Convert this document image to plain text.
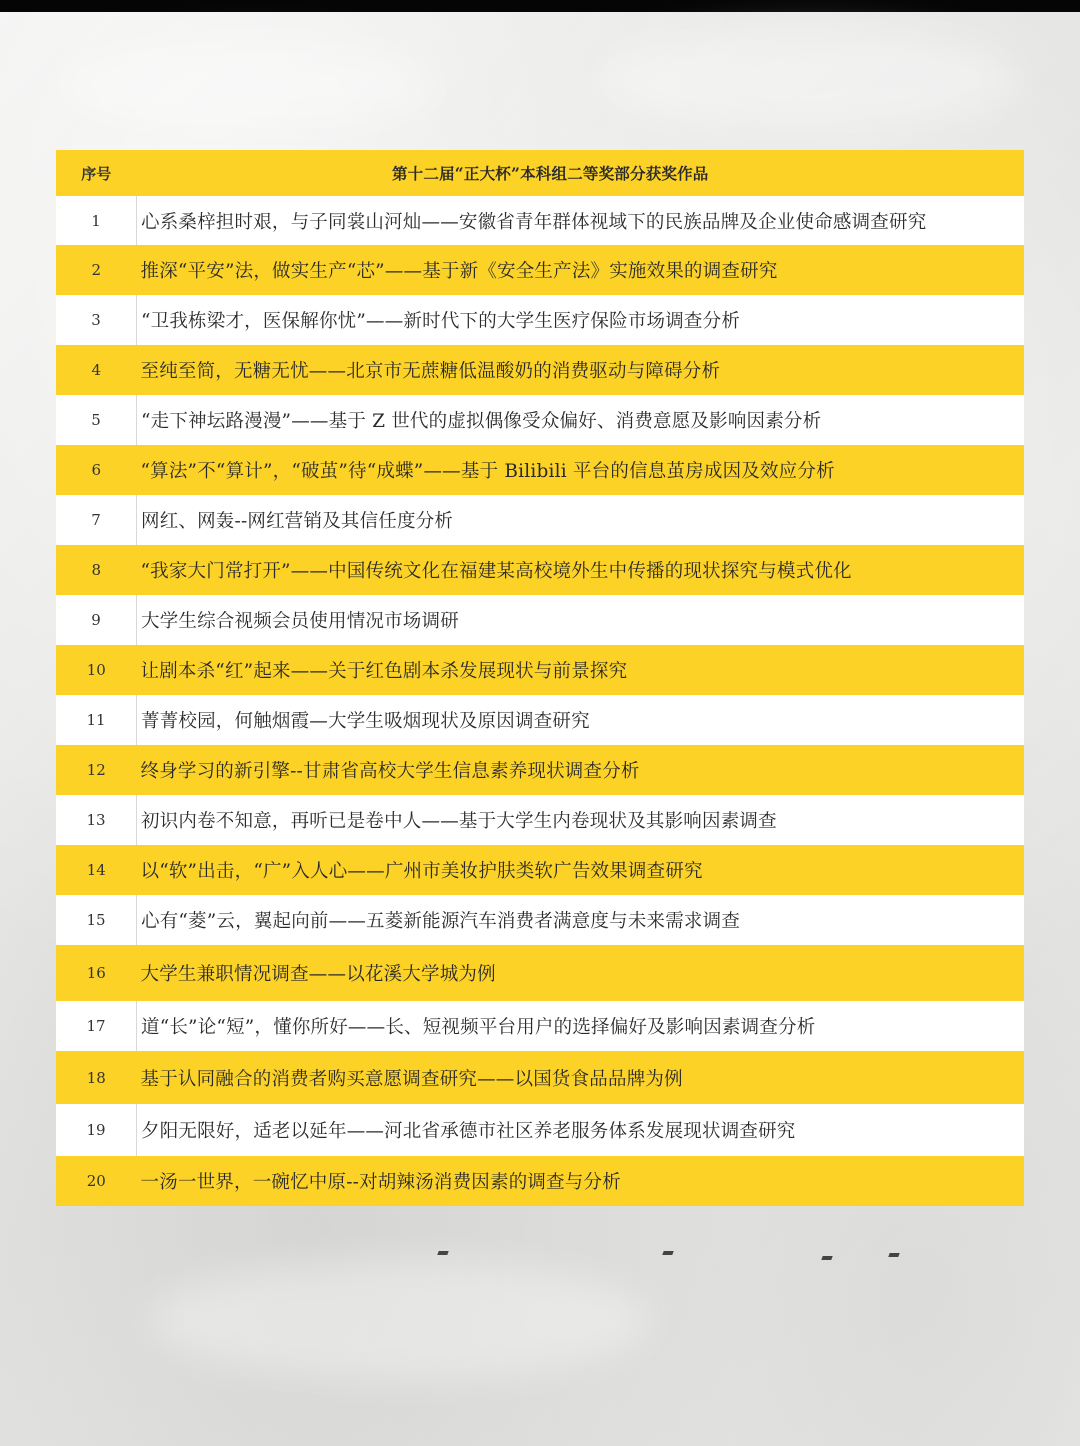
序号	第十二届“正大杯”本科组二等奖部分获奖作品
1	心系桑梓担时艰，与子同裳山河灿——安徽省青年群体视域下的民族品牌及企业使命感调查研究
2	推深“平安”法，做实生产“芯”——基于新《安全生产法》实施效果的调查研究
3	“卫我栋梁才，医保解你忧”——新时代下的大学生医疗保险市场调查分析
4	至纯至简，无糖无忧——北京市无蔗糖低温酸奶的消费驱动与障碍分析
5	“走下神坛路漫漫”——基于 Z 世代的虚拟偶像受众偏好、消费意愿及影响因素分析
6	“算法”不“算计”，“破茧”待“成蝶”——基于 Bilibili 平台的信息茧房成因及效应分析
7	网红、网轰--网红营销及其信任度分析
8	“我家大门常打开”——中国传统文化在福建某高校境外生中传播的现状探究与模式优化
9	大学生综合视频会员使用情况市场调研
10	让剧本杀“红”起来——关于红色剧本杀发展现状与前景探究
11	菁菁校园，何触烟霞—大学生吸烟现状及原因调查研究
12	终身学习的新引擎--甘肃省高校大学生信息素养现状调查分析
13	初识内卷不知意，再听已是卷中人——基于大学生内卷现状及其影响因素调查
14	以“软”出击，“广”入人心——广州市美妆护肤类软广告效果调查研究
15	心有“菱”云，翼起向前——五菱新能源汽车消费者满意度与未来需求调查
16	大学生兼职情况调查——以花溪大学城为例
17	道“长”论“短”，懂你所好——长、短视频平台用户的选择偏好及影响因素调查分析
18	基于认同融合的消费者购买意愿调查研究——以国货食品品牌为例
19	夕阳无限好，适老以延年——河北省承德市社区养老服务体系发展现状调查研究
20	一汤一世界，一碗忆中原--对胡辣汤消费因素的调查与分析
